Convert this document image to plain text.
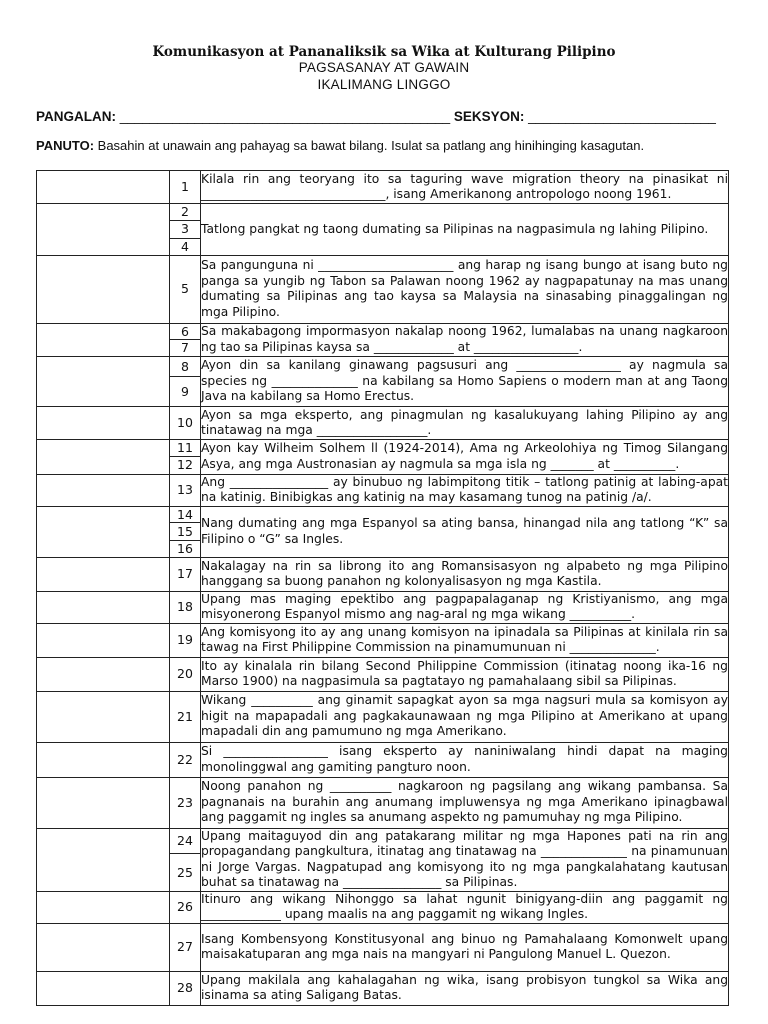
Komunikasyon at Pananaliksik sa Wika at Kulturang Pilipino
PAGSASANAY AT GAWAIN
IKALIMANG LINGGO
PANGALAN: ____________________________________________ SEKSYON: _________________________
PANUTO: Basahin at unawain ang pahayag sa bawat bilang. Isulat sa patlang ang hinihinging kasagutan.
	1	Kilala rin ang teoryang ito sa taguring wave migration theory na pinasikat ni ______________________________, isang Amerikanong antropologo noong 1961.
	2	Tatlong pangkat ng taong dumating sa Pilipinas na nagpasimula ng lahing Pilipino.
	3	
	4	
	5	Sa pangunguna ni ______________________ ang harap ng isang bungo at isang buto ng panga sa yungib ng Tabon sa Palawan noong 1962 ay nagpapatunay na mas unang dumating sa Pilipinas ang tao kaysa sa Malaysia na sinasabing pinaggalingan ng mga Pilipino.
	6	Sa makabagong impormasyon nakalap noong 1962, lumalabas na unang nagkaroon ng tao sa Pilipinas kaysa sa _____________ at _________________.
	7	
	8	Ayon din sa kanilang ginawang pagsusuri ang _________________ ay nagmula sa species ng ______________ na kabilang sa Homo Sapiens o modern man at ang Taong Java na kabilang sa Homo Erectus.
	9	
	10	Ayon sa mga eksperto, ang pinagmulan ng kasalukuyang lahing Pilipino ay ang tinatawag na mga __________________.
	11	Ayon kay Wilheim Solhem ll (1924-2014), Ama ng Arkeolohiya ng Timog Silangang Asya, ang mga Austronasian ay nagmula sa mga isla ng _______ at __________.
	12	
	13	Ang ________________ ay binubuo ng labimpitong titik – tatlong patinig at labing-apat na katinig. Binibigkas ang katinig na may kasamang tunog na patinig /a/.
	14	Nang dumating ang mga Espanyol sa ating bansa, hinangad nila ang tatlong “K” sa Filipino o “G” sa Ingles.
	15	
	16	
	17	Nakalagay na rin sa librong ito ang Romansisasyon ng alpabeto ng mga Pilipino hanggang sa buong panahon ng kolonyalisasyon ng mga Kastila.
	18	Upang mas maging epektibo ang pagpapalaganap ng Kristiyanismo, ang mga misyonerong Espanyol mismo ang nag-aral ng mga wikang __________.
	19	Ang komisyong ito ay ang unang komisyon na ipinadala sa Pilipinas at kinilala rin sa tawag na First Philippine Commission na pinamumunuan ni ______________.
	20	Ito ay kinalala rin bilang Second Philippine Commission (itinatag noong ika-16 ng Marso 1900) na nagpasimula sa pagtatayo ng pamahalaang sibil sa Pilipinas.
	21	Wikang __________ ang ginamit sapagkat ayon sa mga nagsuri mula sa komisyon ay higit na mapapadali ang pagkakaunawaan ng mga Pilipino at Amerikano at upang mapadali din ang pamumuno ng mga Amerikano.
	22	Si _________________ isang eksperto ay naniniwalang hindi dapat na maging monolinggwal ang gamiting pangturo noon.
	23	Noong panahon ng __________ nagkaroon ng pagsilang ang wikang pambansa. Sa pagnanais na burahin ang anumang impluwensya ng mga Amerikano ipinagbawal ang paggamit ng ingles sa anumang aspekto ng pamumuhay ng mga Pilipino.
	24	Upang maitaguyod din ang patakarang militar ng mga Hapones pati na rin ang propagandang pangkultura, itinatag ang tinatawag na ______________ na pinamunuan ni Jorge Vargas. Nagpatupad ang komisyong ito ng mga pangkalahatang kautusan buhat sa tinatawag na ________________ sa Pilipinas.
	25	
	26	Itinuro ang wikang Nihonggo sa lahat ngunit binigyang-diin ang paggamit ng _____________ upang maalis na ang paggamit ng wikang Ingles.
	27	Isang Kombensyong Konstitusyonal ang binuo ng Pamahalaang Komonwelt upang maisakatuparan ang mga nais na mangyari ni Pangulong Manuel L. Quezon.
	28	Upang makilala ang kahalagahan ng wika, isang probisyon tungkol sa Wika ang isinama sa ating Saligang Batas.
